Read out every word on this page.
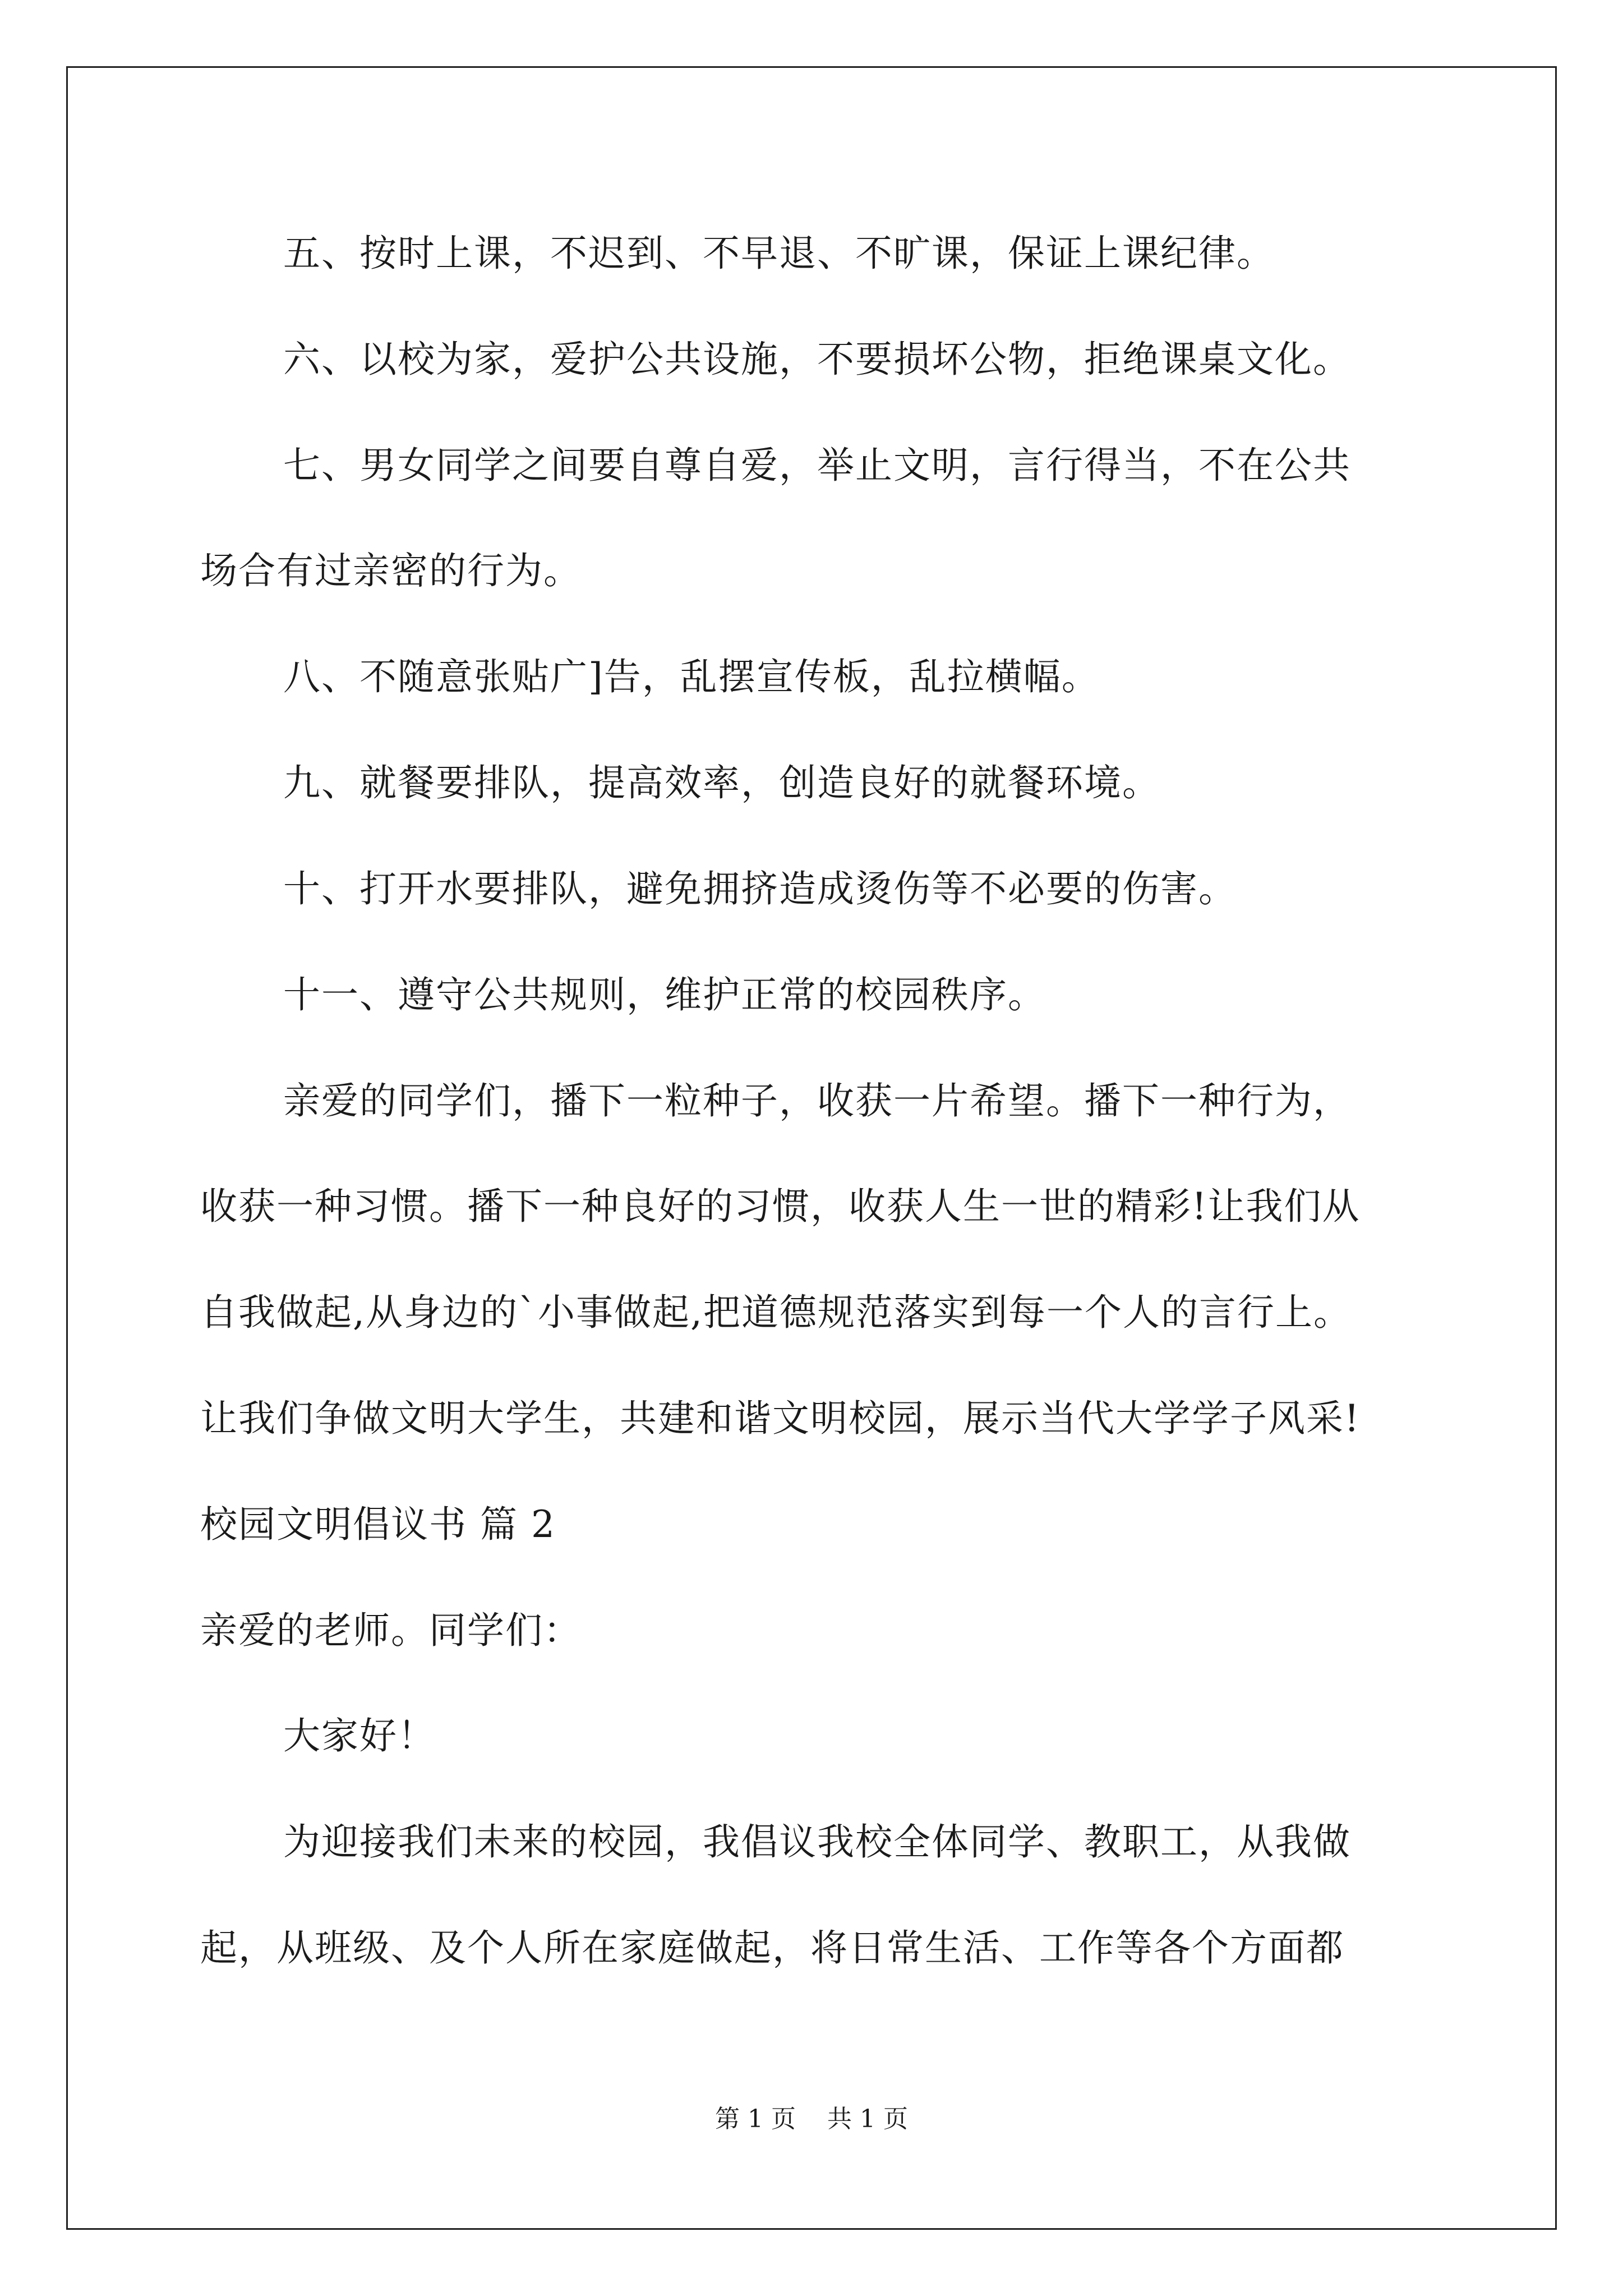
五、按时上课，不迟到、不早退、不旷课，保证上课纪律。
六、以校为家，爱护公共设施，不要损坏公物，拒绝课桌文化。
七、男女同学之间要自尊自爱，举止文明，言行得当，不在公共
场合有过亲密的行为。
八、不随意张贴广]告，乱摆宣传板，乱拉横幅。
九、就餐要排队，提高效率，创造良好的就餐环境。
十、打开水要排队，避免拥挤造成烫伤等不必要的伤害。
十一、遵守公共规则，维护正常的校园秩序。
亲爱的同学们，播下一粒种子，收获一片希望。播下一种行为，
收获一种习惯。播下一种良好的习惯，收获人生一世的精彩!让我们从
自我做起,从身边的`小事做起,把道德规范落实到每一个人的言行上。
让我们争做文明大学生，共建和谐文明校园，展示当代大学学子风采!
校园文明倡议书 篇 2
亲爱的老师。同学们：
大家好！
为迎接我们未来的校园，我倡议我校全体同学、教职工，从我做
起，从班级、及个人所在家庭做起，将日常生活、工作等各个方面都
第 1 页 共 1 页
